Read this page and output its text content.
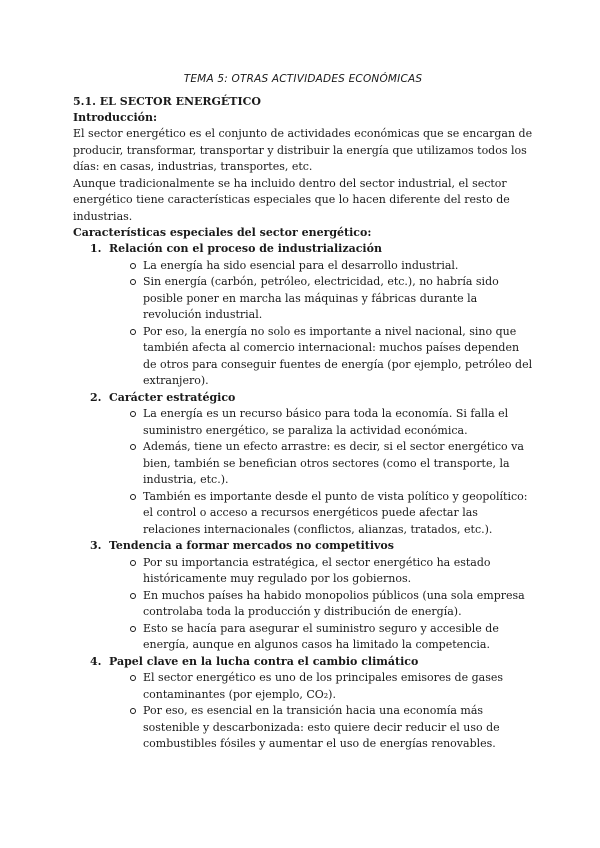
TEMA 5: OTRAS ACTIVIDADES ECONÓMICAS
5.1. EL SECTOR ENERGÉTICO
Introducción:

El sector energético es el conjunto de actividades económicas que se encargan de producir, transformar, transportar y distribuir la energía que utilizamos todos los días: en casas, industrias, transportes, etc.

Aunque tradicionalmente se ha incluido dentro del sector industrial, el sector energético tiene características especiales que lo hacen diferente del resto de industrias.

Características especiales del sector energético:
1. Relación con el proceso de industrialización
La energía ha sido esencial para el desarrollo industrial.
Sin energía (carbón, petróleo, electricidad, etc.), no habría sido posible poner en marcha las máquinas y fábricas durante la revolución industrial.
Por eso, la energía no solo es importante a nivel nacional, sino que también afecta al comercio internacional: muchos países dependen de otros para conseguir fuentes de energía (por ejemplo, petróleo del extranjero).
2. Carácter estratégico
La energía es un recurso básico para toda la economía. Si falla el suministro energético, se paraliza la actividad económica.
Además, tiene un efecto arrastre: es decir, si el sector energético va bien, también se benefician otros sectores (como el transporte, la industria, etc.).
También es importante desde el punto de vista político y geopolítico: el control o acceso a recursos energéticos puede afectar las relaciones internacionales (conflictos, alianzas, tratados, etc.).
3. Tendencia a formar mercados no competitivos
Por su importancia estratégica, el sector energético ha estado históricamente muy regulado por los gobiernos.
En muchos países ha habido monopolios públicos (una sola empresa controlaba toda la producción y distribución de energía).
Esto se hacía para asegurar el suministro seguro y accesible de energía, aunque en algunos casos ha limitado la competencia.
4. Papel clave en la lucha contra el cambio climático
El sector energético es uno de los principales emisores de gases contaminantes (por ejemplo, CO₂).
Por eso, es esencial en la transición hacia una economía más sostenible y descarbonizada: esto quiere decir reducir el uso de combustibles fósiles y aumentar el uso de energías renovables.
